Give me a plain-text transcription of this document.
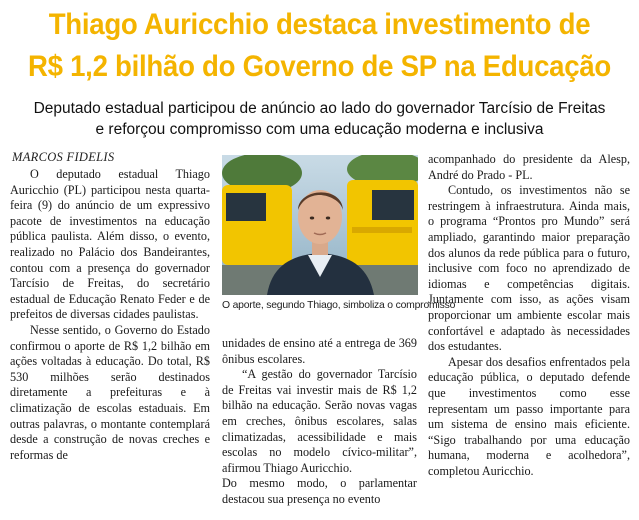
Thiago Auricchio destaca investimento de
R$ 1,2 bilhão do Governo de SP na Educação
Deputado estadual participou de anúncio ao lado do governador Tarcísio de Freitas
e reforçou compromisso com uma educação moderna e inclusiva
MARCOS FIDELIS

O deputado estadual Thiago Auricchio (PL) participou nesta quarta-feira (9) do anúncio de um expressivo pacote de investimentos na educação pública paulista. Além disso, o evento, realizado no Palácio dos Bandeirantes, contou com a presença do governador Tarcísio de Freitas, do secretário estadual de Educação Renato Feder e de prefeitos de diversas cidades paulistas.

Nesse sentido, o Governo do Estado confirmou o aporte de R$ 1,2 bilhão em ações voltadas à educação. Do total, R$ 530 milhões serão destinados diretamente a prefeituras e à climatização de escolas estaduais. Em outras palavras, o montante contemplará desde a construção de novas creches e reformas de

O aporte, segundo Thiago, simboliza o compromisso

unidades de ensino até a entrega de 369 ônibus escolares.

“A gestão do governador Tarcísio de Freitas vai investir mais de R$ 1,2 bilhão na educação. Serão novas vagas em creches, ônibus escolares, salas climatizadas, acessibilidade e mais escolas no modelo cívico-militar”, afirmou Thiago Auricchio.

Do mesmo modo, o parlamentar destacou sua presença no evento

acompanhado do presidente da Alesp, André do Prado - PL.

Contudo, os investimentos não se restringem à infraestrutura. Ainda mais, o programa “Prontos pro Mundo” será ampliado, garantindo maior preparação dos alunos da rede pública para o futuro, inclusive com foco no aprendizado de idiomas e competências digitais. Juntamente com isso, as ações visam proporcionar um ambiente escolar mais confortável e adaptado às necessidades dos estudantes.

Apesar dos desafios enfrentados pela educação pública, o deputado defende que investimentos como esse representam um passo importante para um sistema de ensino mais eficiente. “Sigo trabalhando por uma educação humana, moderna e acolhedora”, completou Auricchio.
